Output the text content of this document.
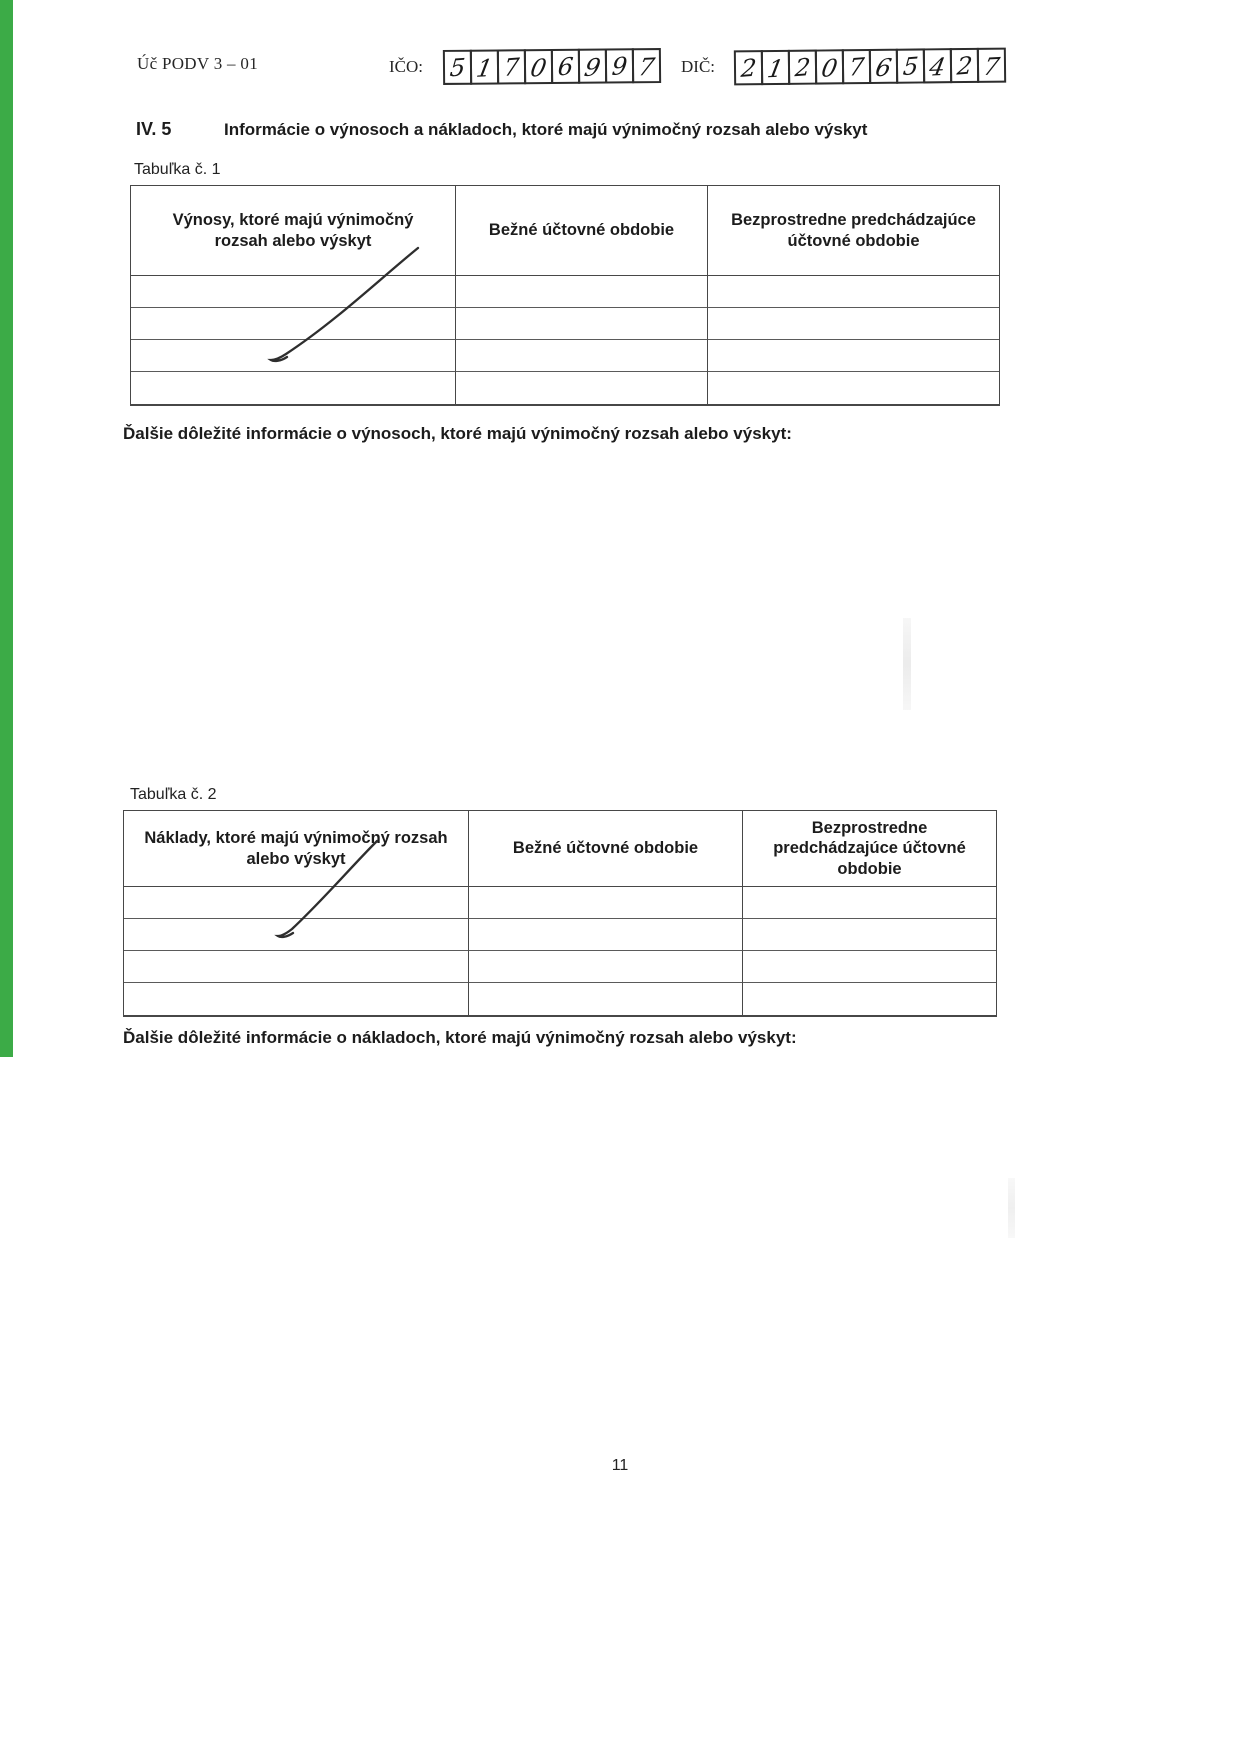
Úč PODV 3 – 01	IČO: 5 1 7 0 6 9 9 7 DIČ: 2 1 2 0 7 6 5 4 2 7
IV. 5	Informácie o výnosoch a nákladoch, ktoré majú výnimočný rozsah alebo výskyt
Tabuľka č. 1
Výnosy, ktoré majú výnimočný rozsah alebo výskyt
Bežné účtovné obdobie
Bezprostredne predchádzajúce účtovné obdobie
Ďalšie dôležité informácie o výnosoch, ktoré majú výnimočný rozsah alebo výskyt:
Tabuľka č. 2
Náklady, ktoré majú výnimočný rozsah alebo výskyt
Bežné účtovné obdobie
Bezprostredne predchádzajúce účtovné obdobie
Ďalšie dôležité informácie o nákladoch, ktoré majú výnimočný rozsah alebo výskyt:
11
